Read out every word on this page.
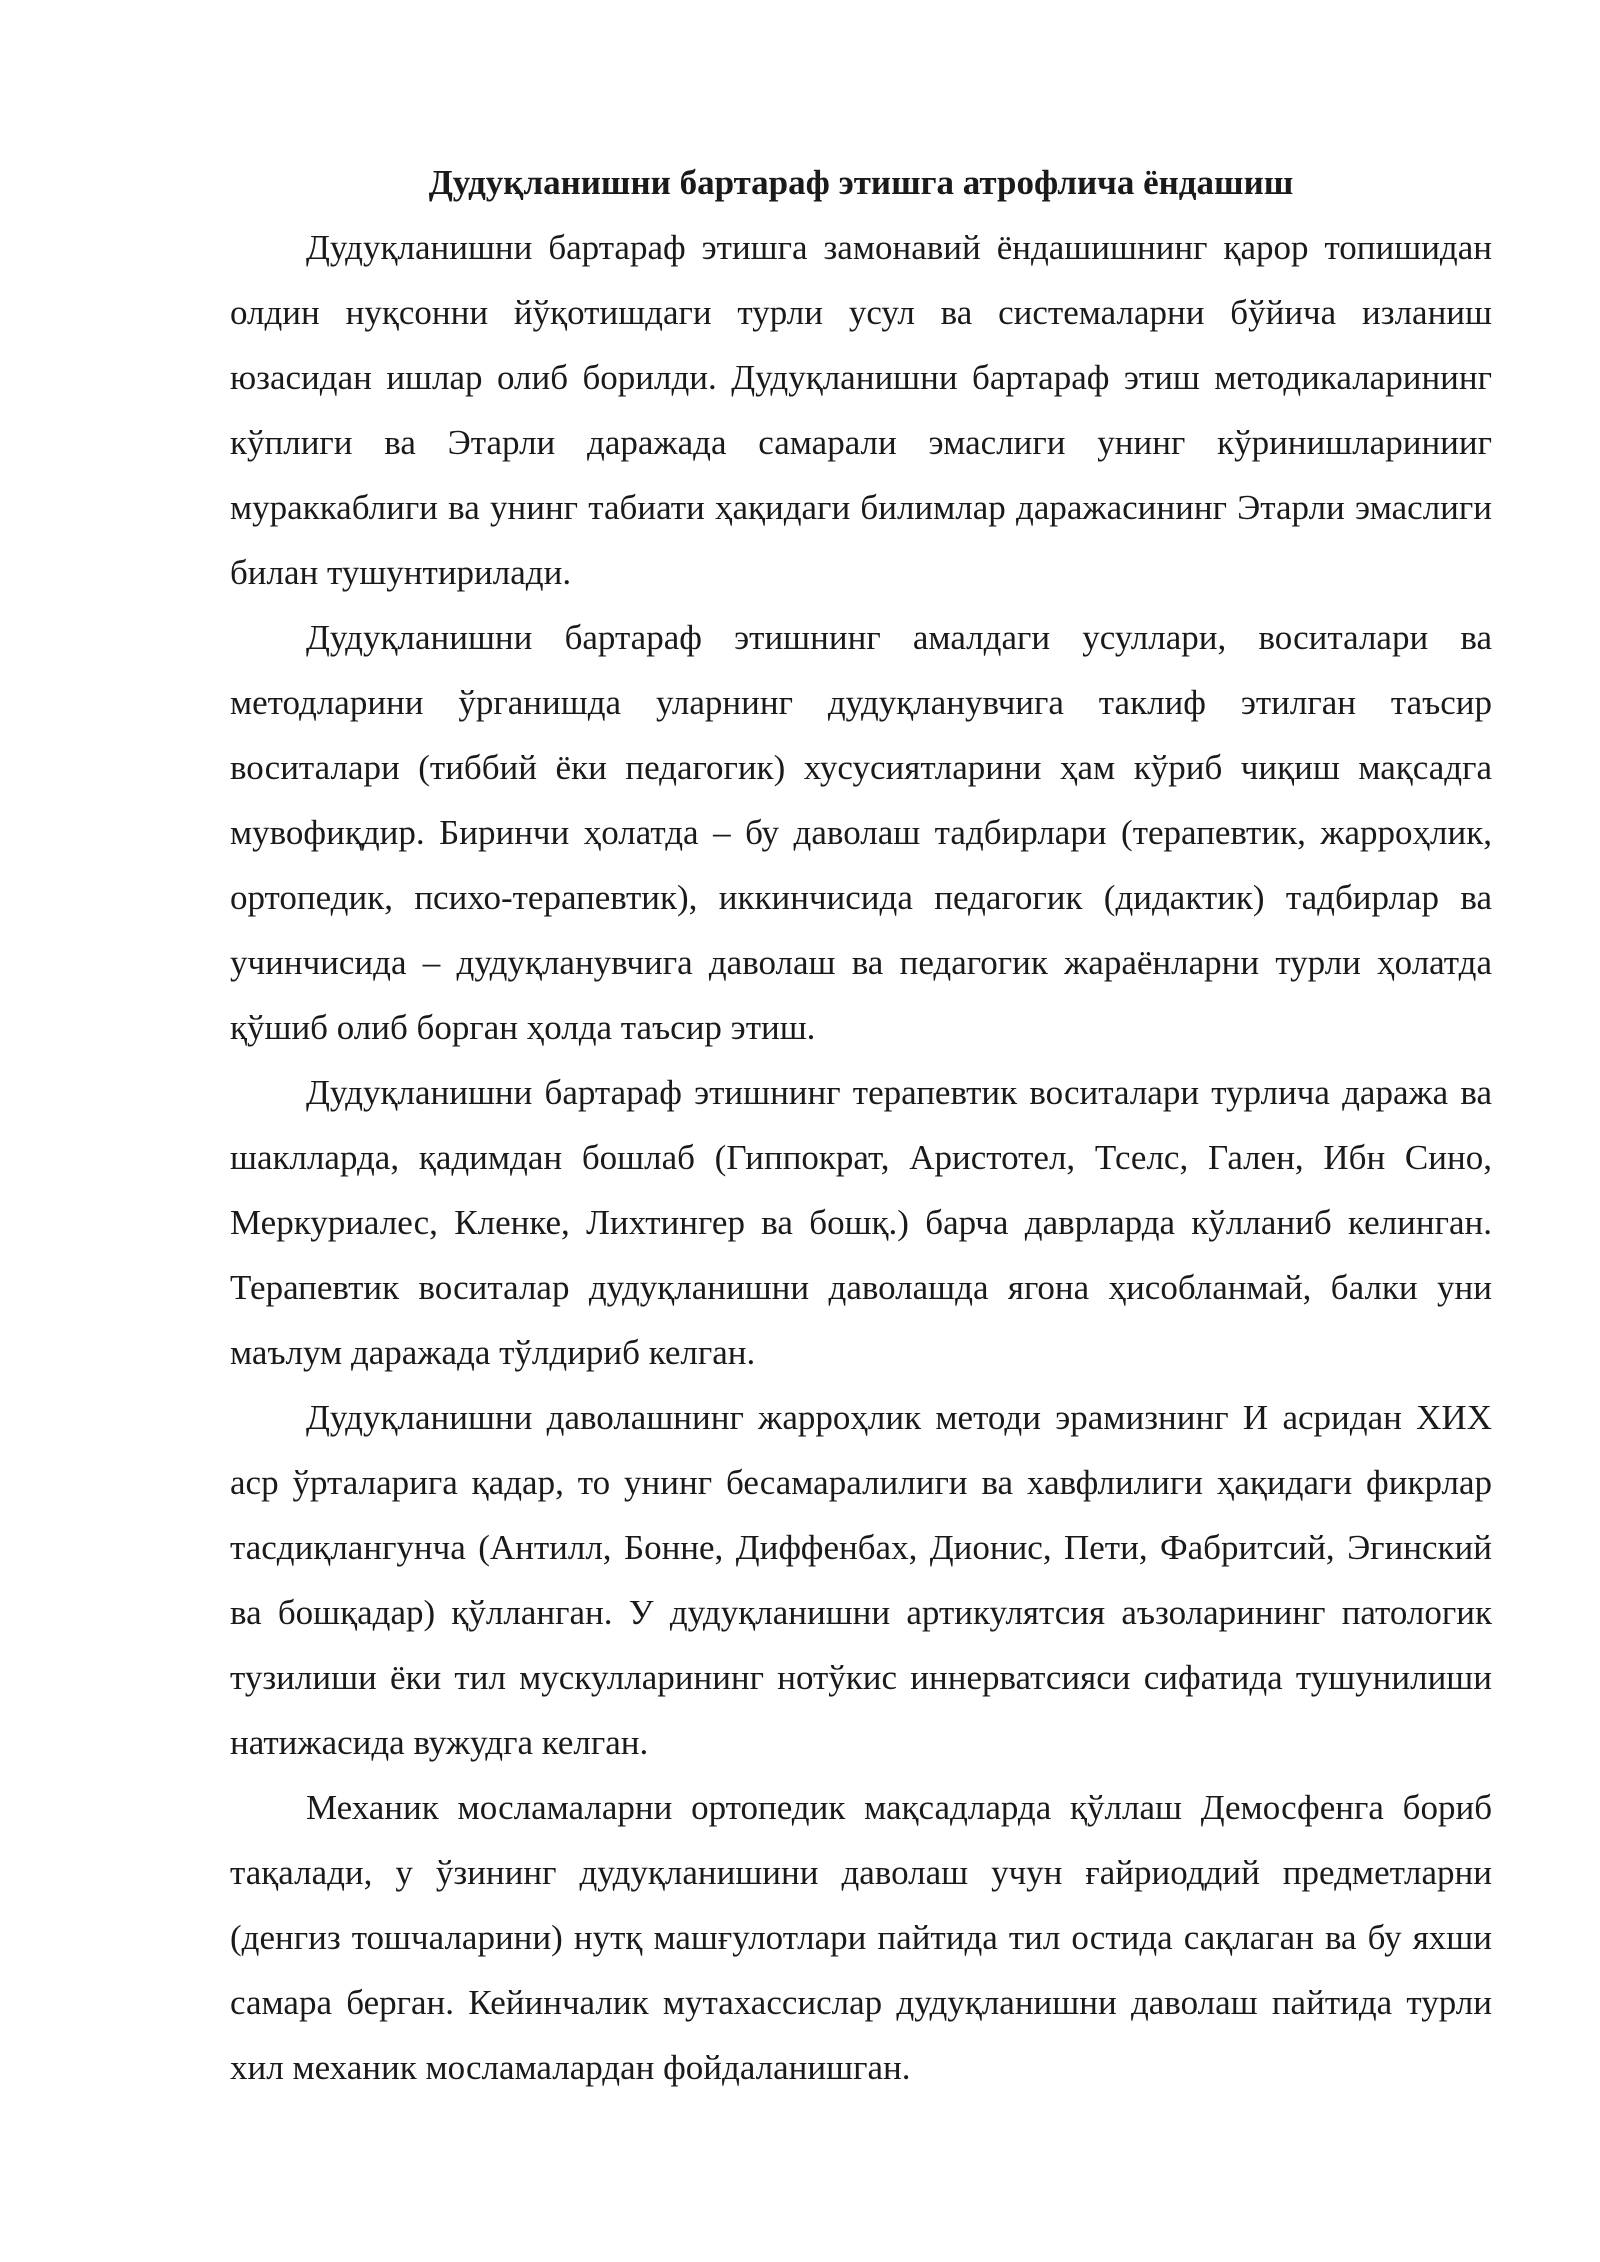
Дудуқланишни бартараф этишга атрофлича ёндашиш

Дудуқланишни бартараф этишга замонавий ёндашишнинг қарор топишидан олдин нуқсонни йўқотишдаги турли усул ва системаларни бўйича изланиш юзасидан ишлар олиб борилди. Дудуқланишни бартараф этиш методикаларининг кўплиги ва Этарли даражада самарали эмаслиги унинг кўринишларинииг мураккаблиги ва унинг табиати ҳақидаги билимлар даражасининг Этарли эмаслиги билан тушунтирилади.

Дудуқланишни бартараф этишнинг амалдаги усуллари, воситалари ва методларини ўрганишда уларнинг дудуқланувчига таклиф этилган таъсир воситалари (тиббий ёки педагогик) хусусиятларини ҳам кўриб чиқиш мақсадга мувофиқдир. Биринчи ҳолатда – бу даволаш тадбирлари (терапевтик, жарроҳлик, ортопедик, психо-терапевтик), иккинчисида педагогик (дидактик) тадбирлар ва учинчисида – дудуқланувчига даволаш ва педагогик жараёнларни турли ҳолатда қўшиб олиб борган ҳолда таъсир этиш.

Дудуқланишни бартараф этишнинг терапевтик воситалари турлича даража ва шаклларда, қадимдан бошлаб (Гиппократ, Аристотел, Тселс, Гален, Ибн Сино, Меркуриалес, Кленке, Лихтингер ва бошқ.) барча даврларда кўлланиб келинган. Терапевтик воситалар дудуқланишни даволашда ягона ҳисобланмай, балки уни маълум даражада тўлдириб келган.

Дудуқланишни даволашнинг жарроҳлик методи эрамизнинг И асридан ХИХ аср ўрталарига қадар, то унинг бесамаралилиги ва хавфлилиги ҳақидаги фикрлар тасдиқлангунча (Антилл, Бонне, Диффенбах, Дионис, Пети, Фабритсий, Эгинский ва бошқадар) қўлланган. У дудуқланишни артикулятсия аъзоларининг патологик тузилиши ёки тил мускулларининг нотўкис иннерватсияси сифатида тушунилиши натижасида вужудга келган.

Механик мосламаларни ортопедик мақсадларда қўллаш Демосфенга бориб тақалади, у ўзининг дудуқланишини даволаш учун ғайриоддий предметларни (денгиз тошчаларини) нутқ машғулотлари пайтида тил остида сақлаган ва бу яхши самара берган. Кейинчалик мутахассислар дудуқланишни даволаш пайтида турли хил механик мосламалардан фойдаланишган.
